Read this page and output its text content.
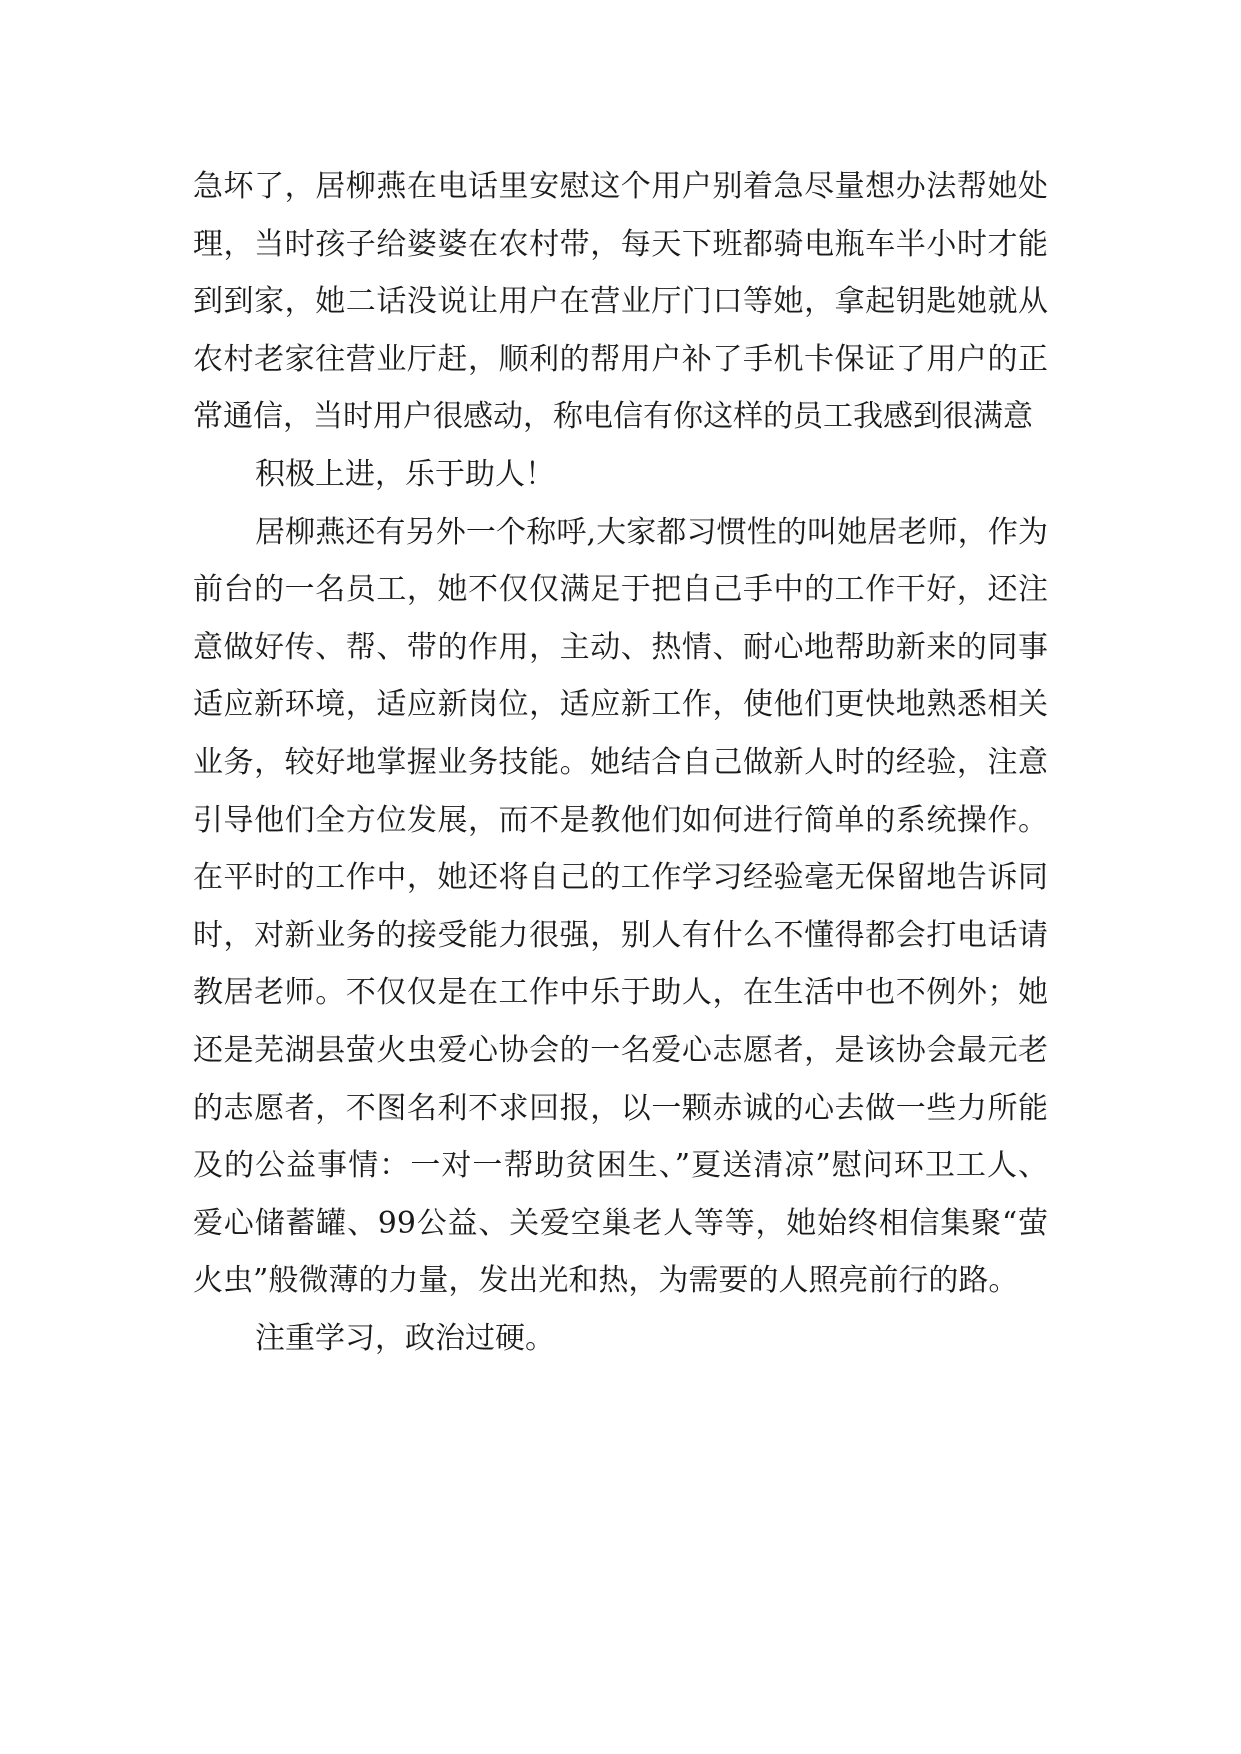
急坏了，居柳燕在电话里安慰这个用户别着急尽量想办法帮她处理，当时孩子给婆婆在农村带，每天下班都骑电瓶车半小时才能到到家，她二话没说让用户在营业厅门口等她，拿起钥匙她就从农村老家往营业厅赶，顺利的帮用户补了手机卡保证了用户的正常通信，当时用户很感动，称电信有你这样的员工我感到很满意

积极上进，乐于助人！

居柳燕还有另外一个称呼,大家都习惯性的叫她居老师，作为前台的一名员工，她不仅仅满足于把自己手中的工作干好，还注意做好传、帮、带的作用，主动、热情、耐心地帮助新来的同事适应新环境，适应新岗位，适应新工作，使他们更快地熟悉相关业务，较好地掌握业务技能。她结合自己做新人时的经验，注意引导他们全方位发展，而不是教他们如何进行简单的系统操作。在平时的工作中，她还将自己的工作学习经验毫无保留地告诉同时，对新业务的接受能力很强，别人有什么不懂得都会打电话请教居老师。不仅仅是在工作中乐于助人，在生活中也不例外；她还是芜湖县萤火虫爱心协会的一名爱心志愿者，是该协会最元老的志愿者，不图名利不求回报，以一颗赤诚的心去做一些力所能及的公益事情：一对一帮助贫困生、”夏送清凉”慰问环卫工人、爱心储蓄罐、99公益、关爱空巢老人等等，她始终相信集聚“萤火虫”般微薄的力量，发出光和热，为需要的人照亮前行的路。

注重学习，政治过硬。
